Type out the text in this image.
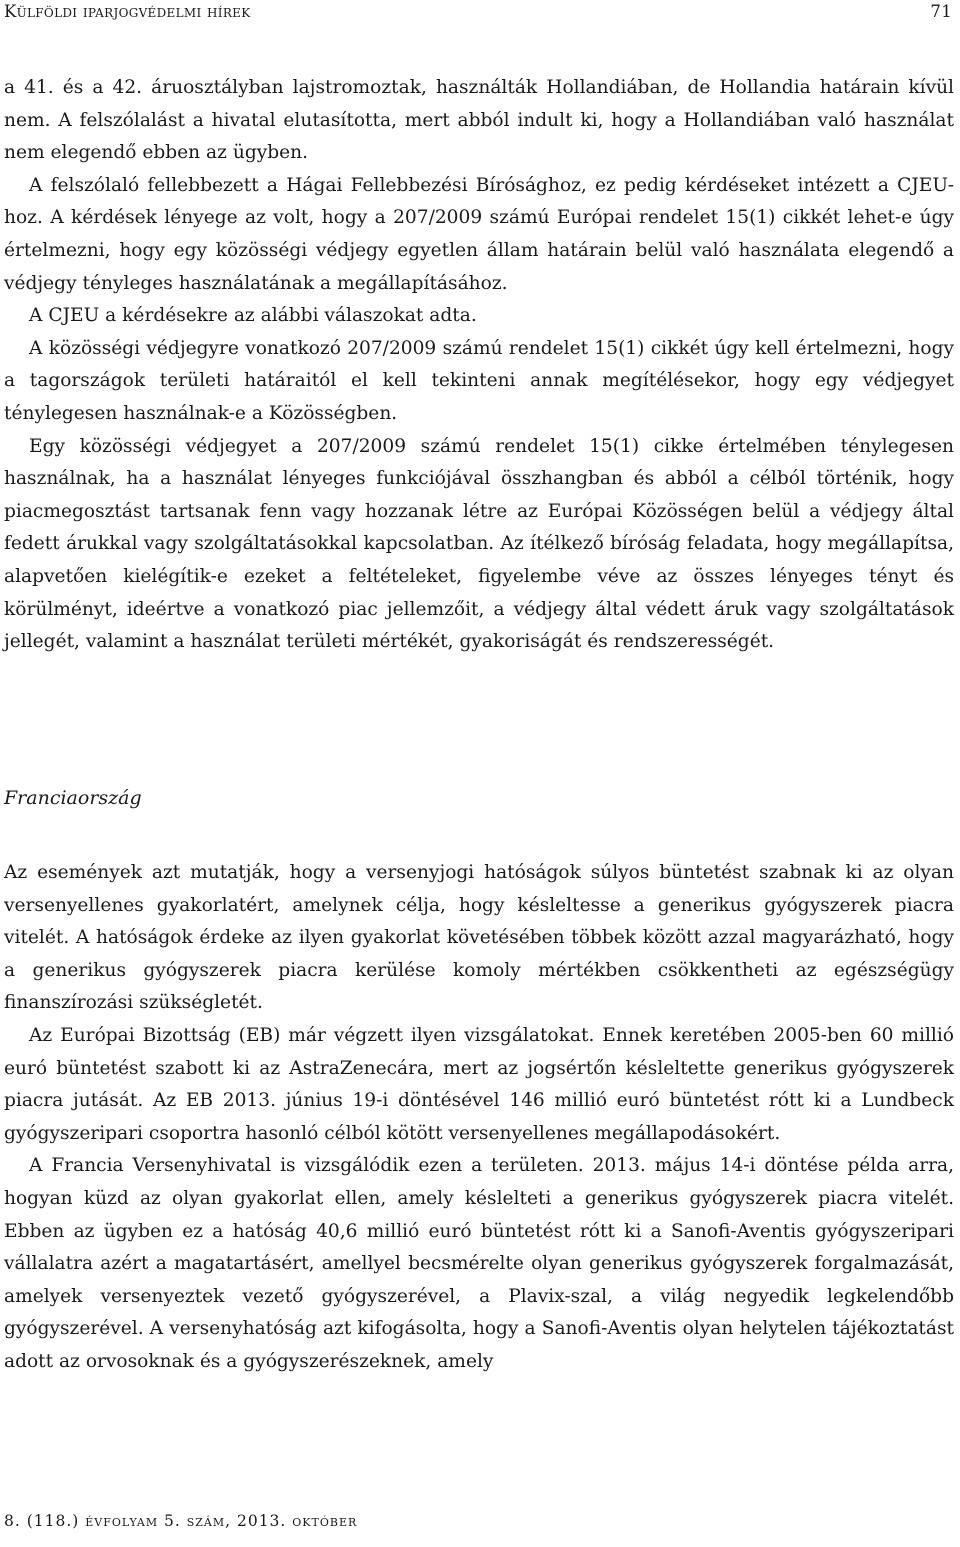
Külföldi iparjogvédelmi hírek	71

a 41. és a 42. áruosztályban lajstromoztak, használták Hollandiában, de Hollandia határain kívül nem. A felszólalást a hivatal elutasította, mert abból indult ki, hogy a Hollandiában való használat nem elegendő ebben az ügyben.

A felszólaló fellebbezett a Hágai Fellebbezési Bírósághoz, ez pedig kérdéseket intézett a CJEU-hoz. A kérdések lényege az volt, hogy a 207/2009 számú Európai rendelet 15(1) cikkét lehet-e úgy értelmezni, hogy egy közösségi védjegy egyetlen állam határain belül való használata elegendő a védjegy tényleges használatának a megállapításához.

A CJEU a kérdésekre az alábbi válaszokat adta.

A közösségi védjegyre vonatkozó 207/2009 számú rendelet 15(1) cikkét úgy kell értelmezni, hogy a tagországok területi határaitól el kell tekinteni annak megítélésekor, hogy egy védjegyet ténylegesen használnak-e a Közösségben.

Egy közösségi védjegyet a 207/2009 számú rendelet 15(1) cikke értelmében ténylegesen használnak, ha a használat lényeges funkciójával összhangban és abból a célból történik, hogy piacmegosztást tartsanak fenn vagy hozzanak létre az Európai Közösségen belül a védjegy által fedett árukkal vagy szolgáltatásokkal kapcsolatban. Az ítélkező bíróság feladata, hogy megállapítsa, alapvetően kielégítik-e ezeket a feltételeket, figyelembe véve az összes lényeges tényt és körülményt, ideértve a vonatkozó piac jellemzőit, a védjegy által védett áruk vagy szolgáltatások jellegét, valamint a használat területi mértékét, gyakoriságát és rendszerességét.

Franciaország

Az események azt mutatják, hogy a versenyjogi hatóságok súlyos büntetést szabnak ki az olyan versenyellenes gyakorlatért, amelynek célja, hogy késleltesse a generikus gyógyszerek piacra vitelét. A hatóságok érdeke az ilyen gyakorlat követésében többek között azzal magyarázható, hogy a generikus gyógyszerek piacra kerülése komoly mértékben csökkentheti az egészségügy finanszírozási szükségletét.

Az Európai Bizottság (EB) már végzett ilyen vizsgálatokat. Ennek keretében 2005-ben 60 millió euró büntetést szabott ki az AstraZenecára, mert az jogsértőn késleltette generikus gyógyszerek piacra jutását. Az EB 2013. június 19-i döntésével 146 millió euró büntetést rótt ki a Lundbeck gyógyszeripari csoportra hasonló célból kötött versenyellenes megállapodásokért.

A Francia Versenyhivatal is vizsgálódik ezen a területen. 2013. május 14-i döntése példa arra, hogyan küzd az olyan gyakorlat ellen, amely késlelteti a generikus gyógyszerek piacra vitelét. Ebben az ügyben ez a hatóság 40,6 millió euró büntetést rótt ki a Sanofi-Aventis gyógyszeripari vállalatra azért a magatartásért, amellyel becsmérelte olyan generikus gyógyszerek forgalmazását, amelyek versenyeztek vezető gyógyszerével, a Plavix-szal, a világ negyedik legkelendőbb gyógyszerével. A versenyhatóság azt kifogásolta, hogy a Sanofi-Aventis olyan helytelen tájékoztatást adott az orvosoknak és a gyógyszerészeknek, amely

8. (118.) évfolyam 5. szám, 2013. október
